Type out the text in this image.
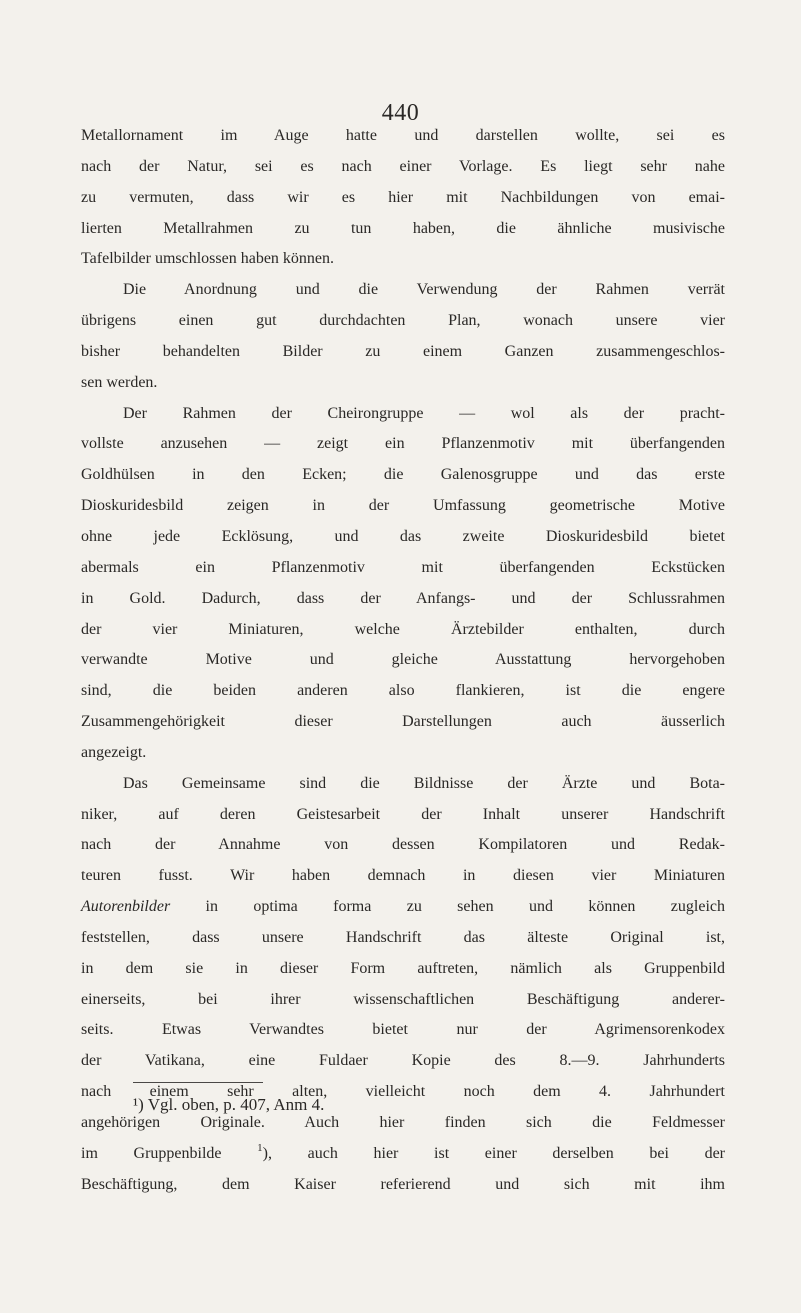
440
Metallornament im Auge hatte und darstellen wollte, sei es
nach der Natur, sei es nach einer Vorlage. Es liegt sehr nahe
zu vermuten, dass wir es hier mit Nachbildungen von emai-
lierten Metallrahmen zu tun haben, die ähnliche musivische
Tafelbilder umschlossen haben können.
Die Anordnung und die Verwendung der Rahmen verrät
übrigens einen gut durchdachten Plan, wonach unsere vier
bisher behandelten Bilder zu einem Ganzen zusammengeschlos-
sen werden.
Der Rahmen der Cheirongruppe — wol als der pracht-
vollste anzusehen — zeigt ein Pflanzenmotiv mit überfangenden
Goldhülsen in den Ecken; die Galenosgruppe und das erste
Dioskuridesbild zeigen in der Umfassung geometrische Motive
ohne jede Ecklösung, und das zweite Dioskuridesbild bietet
abermals ein Pflanzenmotiv mit überfangenden Eckstücken
in Gold. Dadurch, dass der Anfangs- und der Schlussrahmen
der vier Miniaturen, welche Ärztebilder enthalten, durch
verwandte Motive und gleiche Ausstattung hervorgehoben
sind, die beiden anderen also flankieren, ist die engere
Zusammengehörigkeit dieser Darstellungen auch äusserlich
angezeigt.
Das Gemeinsame sind die Bildnisse der Ärzte und Bota-
niker, auf deren Geistesarbeit der Inhalt unserer Handschrift
nach der Annahme von dessen Kompilatoren und Redak-
teuren fusst. Wir haben demnach in diesen vier Miniaturen
Autorenbilder in optima forma zu sehen und können zugleich
feststellen, dass unsere Handschrift das älteste Original ist,
in dem sie in dieser Form auftreten, nämlich als Gruppenbild
einerseits, bei ihrer wissenschaftlichen Beschäftigung anderer-
seits. Etwas Verwandtes bietet nur der Agrimensorenkodex
der Vatikana, eine Fuldaer Kopie des 8.—9. Jahrhunderts
nach einem sehr alten, vielleicht noch dem 4. Jahrhundert
angehörigen Originale. Auch hier finden sich die Feldmesser
im Gruppenbilde $^1$), auch hier ist einer derselben bei der
Beschäftigung, dem Kaiser referierend und sich mit ihm
¹) Vgl. oben, p. 407, Anm 4.
